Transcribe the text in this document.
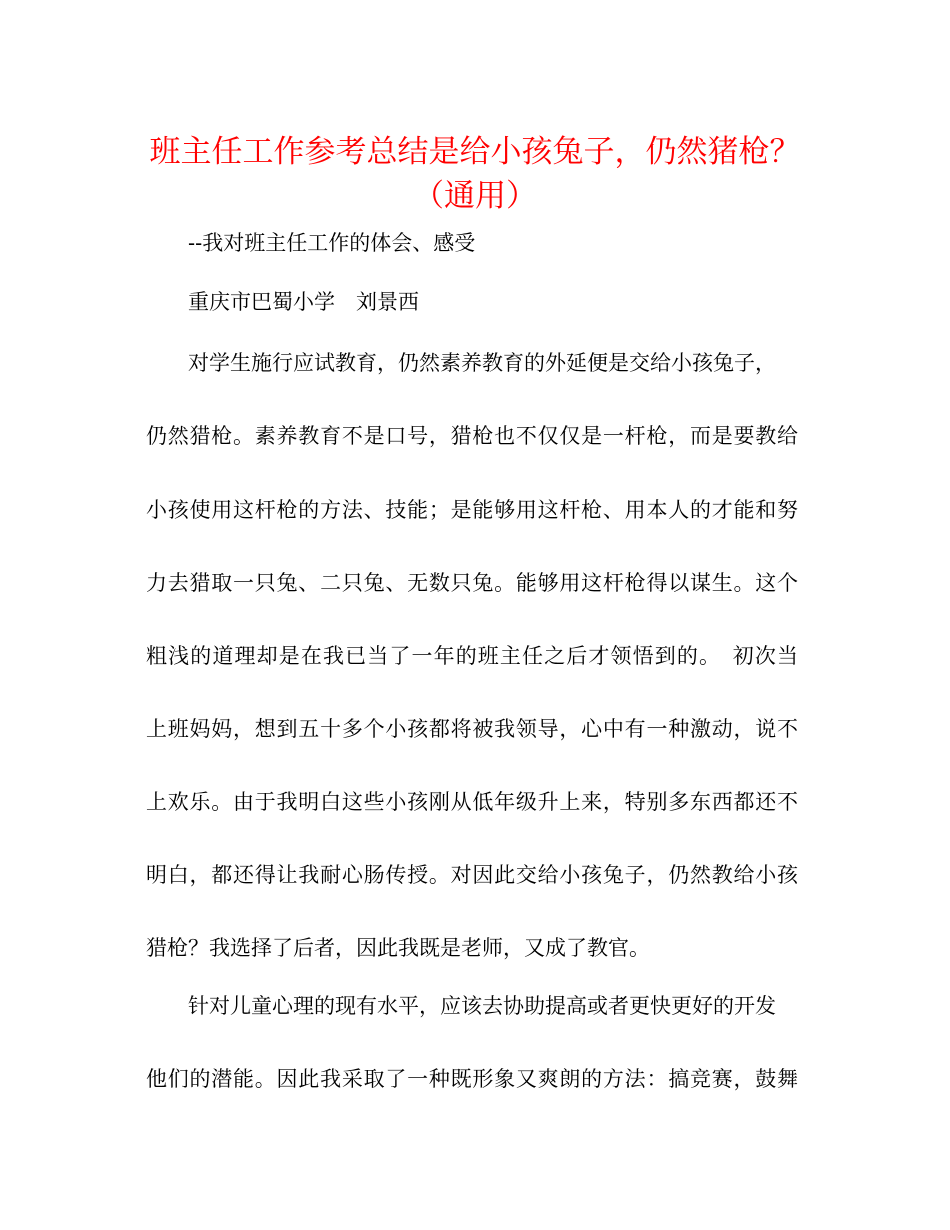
班主任工作参考总结是给小孩兔子，仍然猪枪？
（通用）
--我对班主任工作的体会、感受
重庆市巴蜀小学　刘景西
对学生施行应试教育，仍然素养教育的外延便是交给小孩兔子，
仍然猎枪。素养教育不是口号，猎枪也不仅仅是一杆枪，而是要教给
小孩使用这杆枪的方法、技能；是能够用这杆枪、用本人的才能和努
力去猎取一只兔、二只兔、无数只兔。能够用这杆枪得以谋生。这个
粗浅的道理却是在我已当了一年的班主任之后才领悟到的。　初次当
上班妈妈，想到五十多个小孩都将被我领导，心中有一种激动，说不
上欢乐。由于我明白这些小孩刚从低年级升上来，特别多东西都还不
明白，都还得让我耐心肠传授。对因此交给小孩兔子，仍然教给小孩
猎枪？我选择了后者，因此我既是老师，又成了教官。
针对儿童心理的现有水平，应该去协助提高或者更快更好的开发
他们的潜能。因此我采取了一种既形象又爽朗的方法：搞竞赛，鼓舞
